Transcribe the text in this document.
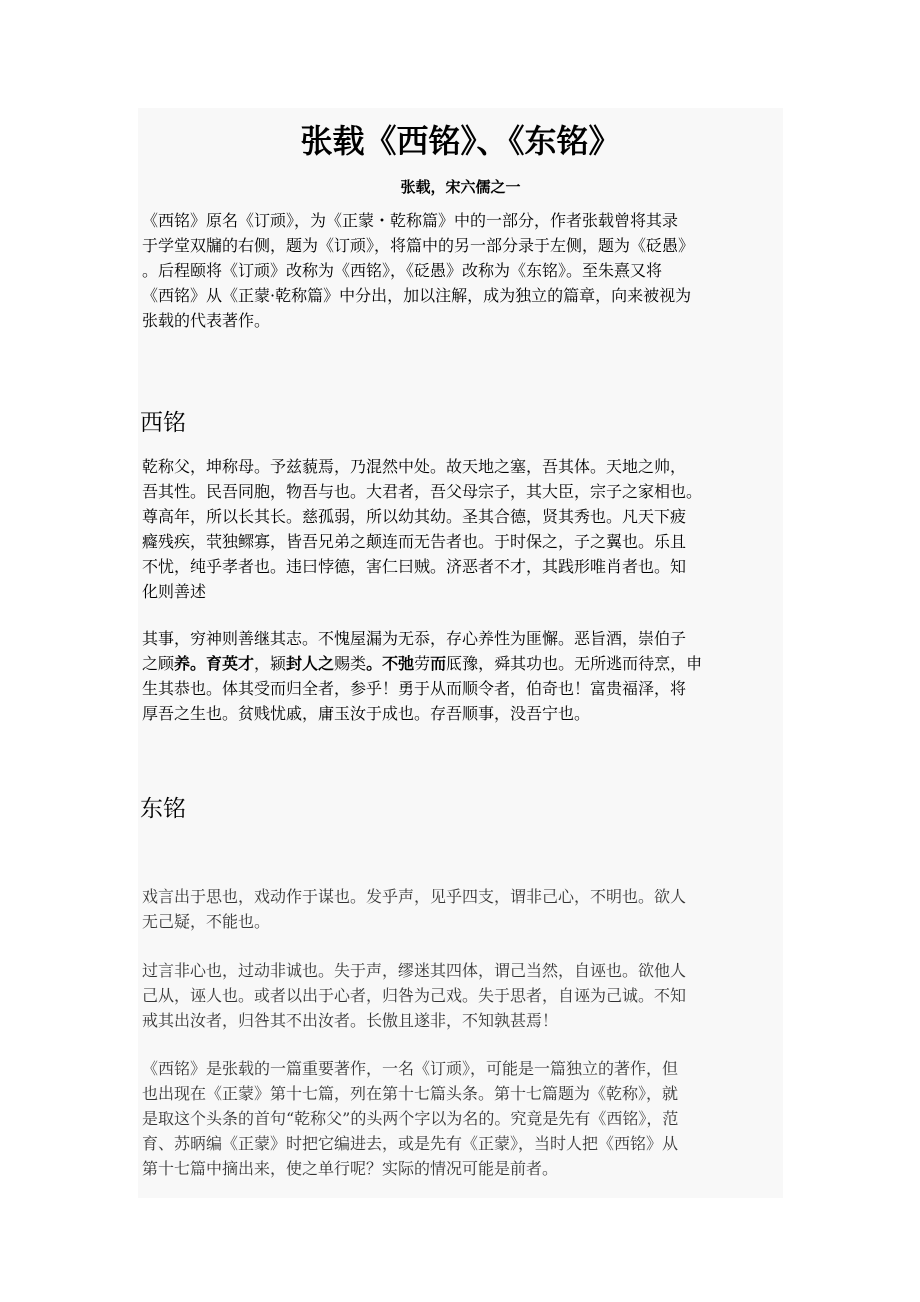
张载《西铭》、《东铭》
张载，宋六儒之一

《西铭》原名《订顽》，为《正蒙・乾称篇》中的一部分，作者张载曾将其录
于学堂双牖的右侧，题为《订顽》，将篇中的另一部分录于左侧，题为《砭愚》
。后程颐将《订顽》改称为《西铭》，《砭愚》改称为《东铭》。至朱熹又将
《西铭》从《正蒙·乾称篇》中分出，加以注解，成为独立的篇章，向来被视为
张载的代表著作。

西铭

乾称父，坤称母。予兹藐焉，乃混然中处。故天地之塞，吾其体。天地之帅，
吾其性。民吾同胞，物吾与也。大君者，吾父母宗子，其大臣，宗子之家相也。
尊高年，所以长其长。慈孤弱，所以幼其幼。圣其合德，贤其秀也。凡天下疲
癃残疾，茕独鳏寡，皆吾兄弟之颠连而无告者也。于时保之，子之翼也。乐且
不忧，纯乎孝者也。违曰悖德，害仁曰贼。济恶者不才，其践形唯肖者也。知
化则善述

其事，穷神则善继其志。不愧屋漏为无忝，存心养性为匪懈。恶旨酒，崇伯子
之顾养。育英才，颍封人之赐类。不弛劳而厎豫，舜其功也。无所逃而待烹，申
生其恭也。体其受而归全者，参乎！勇于从而顺令者，伯奇也！富贵福泽，将
厚吾之生也。贫贱忧戚，庸玉汝于成也。存吾顺事，没吾宁也。

东铭

戏言出于思也，戏动作于谋也。发乎声，见乎四支，谓非己心，不明也。欲人
无己疑，不能也。

过言非心也，过动非诚也。失于声，缪迷其四体，谓己当然，自诬也。欲他人
己从，诬人也。或者以出于心者，归咎为己戏。失于思者，自诬为己诚。不知
戒其出汝者，归咎其不出汝者。长傲且遂非，不知孰甚焉！

《西铭》是张载的一篇重要著作，一名《订顽》，可能是一篇独立的著作，但
也出现在《正蒙》第十七篇，列在第十七篇头条。第十七篇题为《乾称》，就
是取这个头条的首句“乾称父”的头两个字以为名的。究竟是先有《西铭》，范
育、苏昞编《正蒙》时把它编进去，或是先有《正蒙》，当时人把《西铭》从
第十七篇中摘出来，使之单行呢？实际的情况可能是前者。
